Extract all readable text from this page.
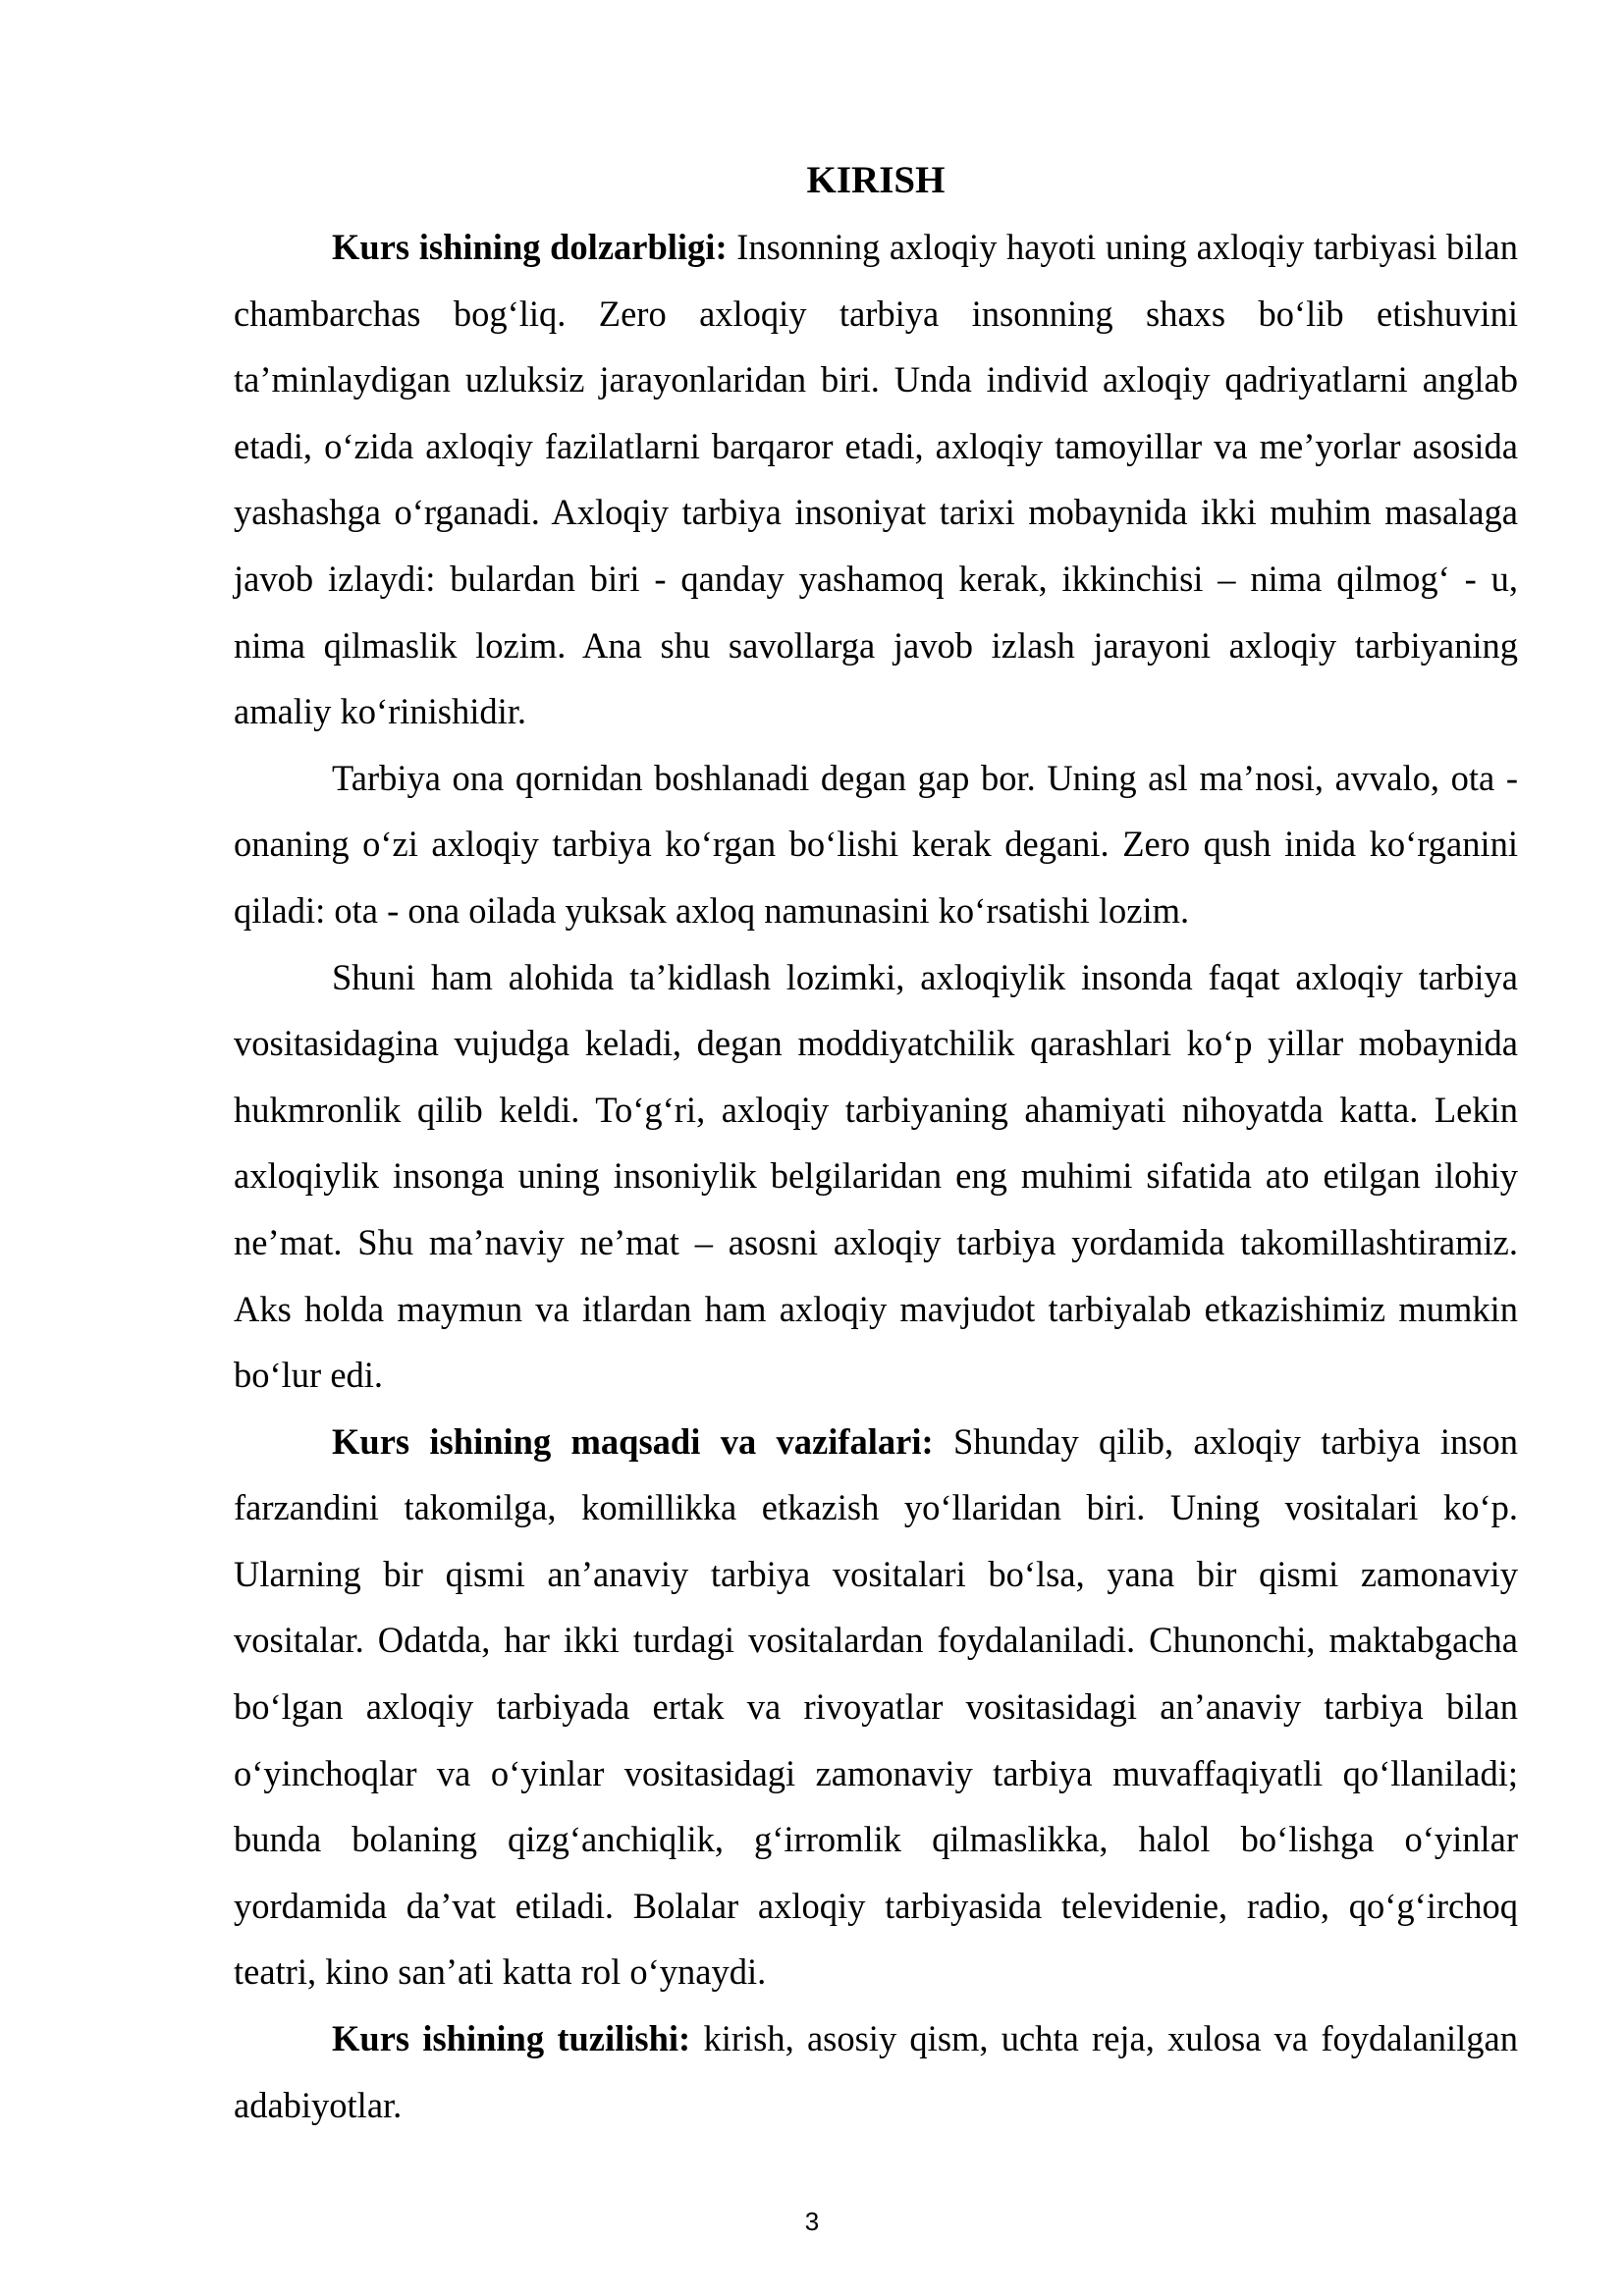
KIRISH

Kurs ishining dolzarbligi: Insonning axloqiy hayoti uning axloqiy tarbiyasi bilan chambarchas bog‘liq. Zero axloqiy tarbiya insonning shaxs bo‘lib etishuvini ta’minlaydigan uzluksiz jarayonlaridan biri. Unda individ axloqiy qadriyatlarni anglab etadi, o‘zida axloqiy fazilatlarni barqaror etadi, axloqiy tamoyillar va me’yorlar asosida yashashga o‘rganadi. Axloqiy tarbiya insoniyat tarixi mobaynida ikki muhim masalaga javob izlaydi: bulardan biri - qanday yashamoq kerak, ikkinchisi – nima qilmog‘ - u, nima qilmaslik lozim. Ana shu savollarga javob izlash jarayoni axloqiy tarbiyaning amaliy ko‘rinishidir.

Tarbiya ona qornidan boshlanadi degan gap bor. Uning asl ma’nosi, avvalo, ota - onaning o‘zi axloqiy tarbiya ko‘rgan bo‘lishi kerak degani. Zero qush inida ko‘rganini qiladi: ota - ona oilada yuksak axloq namunasini ko‘rsatishi lozim.

Shuni ham alohida ta’kidlash lozimki, axloqiylik insonda faqat axloqiy tarbiya vositasidagina vujudga keladi, degan moddiyatchilik qarashlari ko‘p yillar mobaynida hukmronlik qilib keldi. To‘g‘ri, axloqiy tarbiyaning ahamiyati nihoyatda katta. Lekin axloqiylik insonga uning insoniylik belgilaridan eng muhimi sifatida ato etilgan ilohiy ne’mat. Shu ma’naviy ne’mat – asosni axloqiy tarbiya yordamida takomillashtiramiz. Aks holda maymun va itlardan ham axloqiy mavjudot tarbiyalab etkazishimiz mumkin bo‘lur edi.

Kurs ishining maqsadi va vazifalari: Shunday qilib, axloqiy tarbiya inson farzandini takomilga, komillikka etkazish yo‘llaridan biri. Uning vositalari ko‘p. Ularning bir qismi an’anaviy tarbiya vositalari bo‘lsa, yana bir qismi zamonaviy vositalar. Odatda, har ikki turdagi vositalardan foydalaniladi. Chunonchi, maktabgacha bo‘lgan axloqiy tarbiyada ertak va rivoyatlar vositasidagi an’anaviy tarbiya bilan o‘yinchoqlar va o‘yinlar vositasidagi zamonaviy tarbiya muvaffaqiyatli qo‘llaniladi; bunda bolaning qizg‘anchiqlik, g‘irromlik qilmaslikka, halol bo‘lishga o‘yinlar yordamida da’vat etiladi. Bolalar axloqiy tarbiyasida televidenie, radio, qo‘g‘irchoq teatri, kino san’ati katta rol o‘ynaydi.

Kurs ishining tuzilishi: kirish, asosiy qism, uchta reja, xulosa va foydalanilgan adabiyotlar.

3
